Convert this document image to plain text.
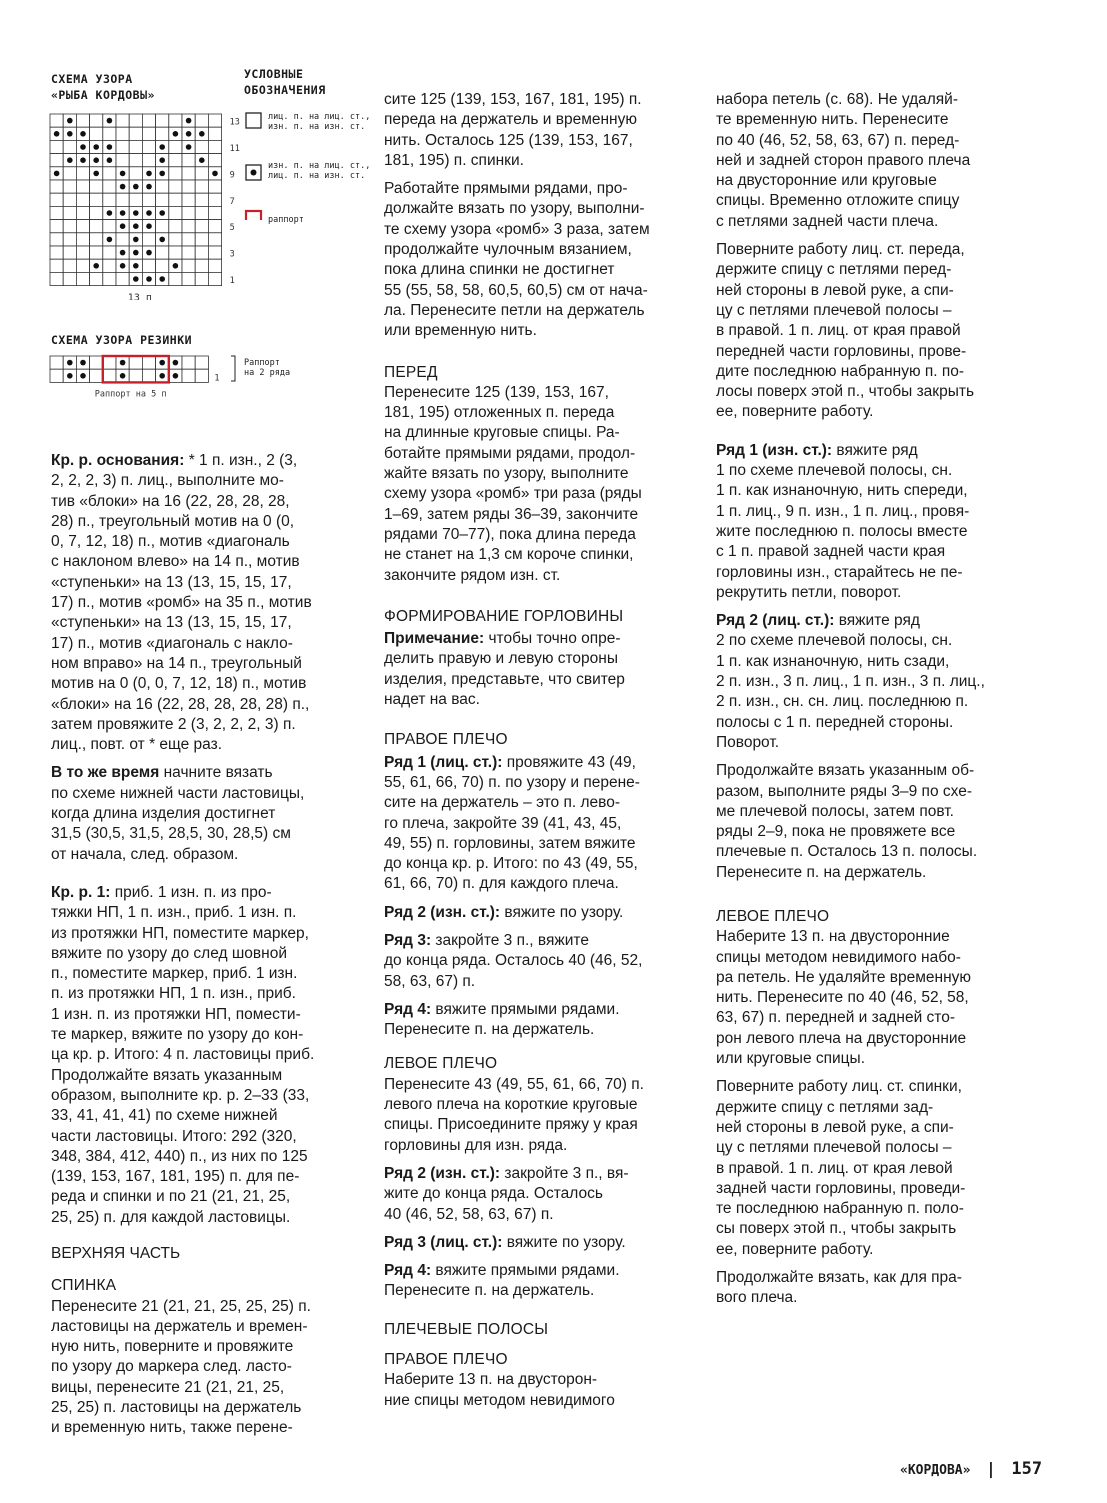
СХЕМА УЗОРА
«РЫБА КОРДОВЫ»
УСЛОВНЫЕ
ОБОЗНАЧЕНИЯ
13
11
9
7
5
3
1
13 п
лиц. п. на лиц. ст.,
изн. п. на изн. ст.
изн. п. на лиц. ст.,
лиц. п. на изн. ст.
раппорт
СХЕМА УЗОРА РЕЗИНКИ
1
Раппорт на 5 п
Раппорт
на 2 ряда

Кр. р. основания: * 1 п. изн., 2 (3,

2, 2, 2, 3) п. лиц., выполните мо-

тив «блоки» на 16 (22, 28, 28, 28,

28) п., треугольный мотив на 0 (0,

0, 7, 12, 18) п., мотив «диагональ

с наклоном влево» на 14 п., мотив

«ступеньки» на 13 (13, 15, 15, 17,

17) п., мотив «ромб» на 35 п., мотив

«ступеньки» на 13 (13, 15, 15, 17,

17) п., мотив «диагональ с накло-

ном вправо» на 14 п., треугольный

мотив на 0 (0, 0, 7, 12, 18) п., мотив

«блоки» на 16 (22, 28, 28, 28, 28) п.,

затем провяжите 2 (3, 2, 2, 2, 3) п.

лиц., повт. от * еще раз.

В то же время начните вязать

по схеме нижней части ластовицы,

когда длина изделия достигнет

31,5 (30,5, 31,5, 28,5, 30, 28,5) см

от начала, след. образом.

Кр. р. 1: приб. 1 изн. п. из про-

тяжки НП, 1 п. изн., приб. 1 изн. п.

из протяжки НП, поместите маркер,

вяжите по узору до след шовной

п., поместите маркер, приб. 1 изн.

п. из протяжки НП, 1 п. изн., приб.

1 изн. п. из протяжки НП, помести-

те маркер, вяжите по узору до кон-

ца кр. р. Итого: 4 п. ластовицы приб.

Продолжайте вязать указанным

образом, выполните кр. р. 2–33 (33,

33, 41, 41, 41) по схеме нижней

части ластовицы. Итого: 292 (320,

348, 384, 412, 440) п., из них по 125

(139, 153, 167, 181, 195) п. для пе-

реда и спинки и по 21 (21, 21, 25,

25, 25) п. для каждой ластовицы.

ВЕРХНЯЯ ЧАСТЬ

СПИНКА

Перенесите 21 (21, 21, 25, 25, 25) п.

ластовицы на держатель и времен-

ную нить, поверните и провяжите

по узору до маркера след. ласто-

вицы, перенесите 21 (21, 21, 25,

25, 25) п. ластовицы на держатель

и временную нить, также перене-

сите 125 (139, 153, 167, 181, 195) п.

переда на держатель и временную

нить. Осталось 125 (139, 153, 167,

181, 195) п. спинки.

Работайте прямыми рядами, про-

должайте вязать по узору, выполни-

те схему узора «ромб» 3 раза, затем

продолжайте чулочным вязанием,

пока длина спинки не достигнет

55 (55, 58, 58, 60,5, 60,5) см от нача-

ла. Перенесите петли на держатель

или временную нить.

ПЕРЕД

Перенесите 125 (139, 153, 167,

181, 195) отложенных п. переда

на длинные круговые спицы. Ра-

ботайте прямыми рядами, продол-

жайте вязать по узору, выполните

схему узора «ромб» три раза (ряды

1–69, затем ряды 36–39, закончите

рядами 70–77), пока длина переда

не станет на 1,3 см короче спинки,

закончите рядом изн. ст.

ФОРМИРОВАНИЕ ГОРЛОВИНЫ

Примечание: чтобы точно опре-

делить правую и левую стороны

изделия, представьте, что свитер

надет на вас.

ПРАВОЕ ПЛЕЧО

Ряд 1 (лиц. ст.): провяжите 43 (49,

55, 61, 66, 70) п. по узору и перене-

сите на держатель – это п. лево-

го плеча, закройте 39 (41, 43, 45,

49, 55) п. горловины, затем вяжите

до конца кр. р. Итого: по 43 (49, 55,

61, 66, 70) п. для каждого плеча.

Ряд 2 (изн. ст.): вяжите по узору.

Ряд 3: закройте 3 п., вяжите

до конца ряда. Осталось 40 (46, 52,

58, 63, 67) п.

Ряд 4: вяжите прямыми рядами.

Перенесите п. на держатель.

ЛЕВОЕ ПЛЕЧО

Перенесите 43 (49, 55, 61, 66, 70) п.

левого плеча на короткие круговые

спицы. Присоедините пряжу у края

горловины для изн. ряда.

Ряд 2 (изн. ст.): закройте 3 п., вя-

жите до конца ряда. Осталось

40 (46, 52, 58, 63, 67) п.

Ряд 3 (лиц. ст.): вяжите по узору.

Ряд 4: вяжите прямыми рядами.

Перенесите п. на держатель.

ПЛЕЧЕВЫЕ ПОЛОСЫ

ПРАВОЕ ПЛЕЧО

Наберите 13 п. на двусторон-

ние спицы методом невидимого

набора петель (с. 68). Не удаляй-

те временную нить. Перенесите

по 40 (46, 52, 58, 63, 67) п. перед-

ней и задней сторон правого плеча

на двусторонние или круговые

спицы. Временно отложите спицу

с петлями задней части плеча.

Поверните работу лиц. ст. переда,

держите спицу с петлями перед-

ней стороны в левой руке, а спи-

цу с петлями плечевой полосы –

в правой. 1 п. лиц. от края правой

передней части горловины, прове-

дите последнюю набранную п. по-

лосы поверх этой п., чтобы закрыть

ее, поверните работу.

Ряд 1 (изн. ст.): вяжите ряд

1 по схеме плечевой полосы, сн.

1 п. как изнаночную, нить спереди,

1 п. лиц., 9 п. изн., 1 п. лиц., провя-

жите последнюю п. полосы вместе

с 1 п. правой задней части края

горловины изн., старайтесь не пе-

рекрутить петли, поворот.

Ряд 2 (лиц. ст.): вяжите ряд

2 по схеме плечевой полосы, сн.

1 п. как изнаночную, нить сзади,

2 п. изн., 3 п. лиц., 1 п. изн., 3 п. лиц.,

2 п. изн., сн. сн. лиц. последнюю п.

полосы с 1 п. передней стороны.

Поворот.

Продолжайте вязать указанным об-

разом, выполните ряды 3–9 по схе-

ме плечевой полосы, затем повт.

ряды 2–9, пока не провяжете все

плечевые п. Осталось 13 п. полосы.

Перенесите п. на держатель.

ЛЕВОЕ ПЛЕЧО

Наберите 13 п. на двусторонние

спицы методом невидимого набо-

ра петель. Не удаляйте временную

нить. Перенесите по 40 (46, 52, 58,

63, 67) п. передней и задней сто-

рон левого плеча на двусторонние

или круговые спицы.

Поверните работу лиц. ст. спинки,

держите спицу с петлями зад-

ней стороны в левой руке, а спи-

цу с петлями плечевой полосы –

в правой. 1 п. лиц. от края левой

задней части горловины, проведи-

те последнюю набранную п. поло-

сы поверх этой п., чтобы закрыть

ее, поверните работу.

Продолжайте вязать, как для пра-

вого плеча.

«КОРДОВА» | 157
